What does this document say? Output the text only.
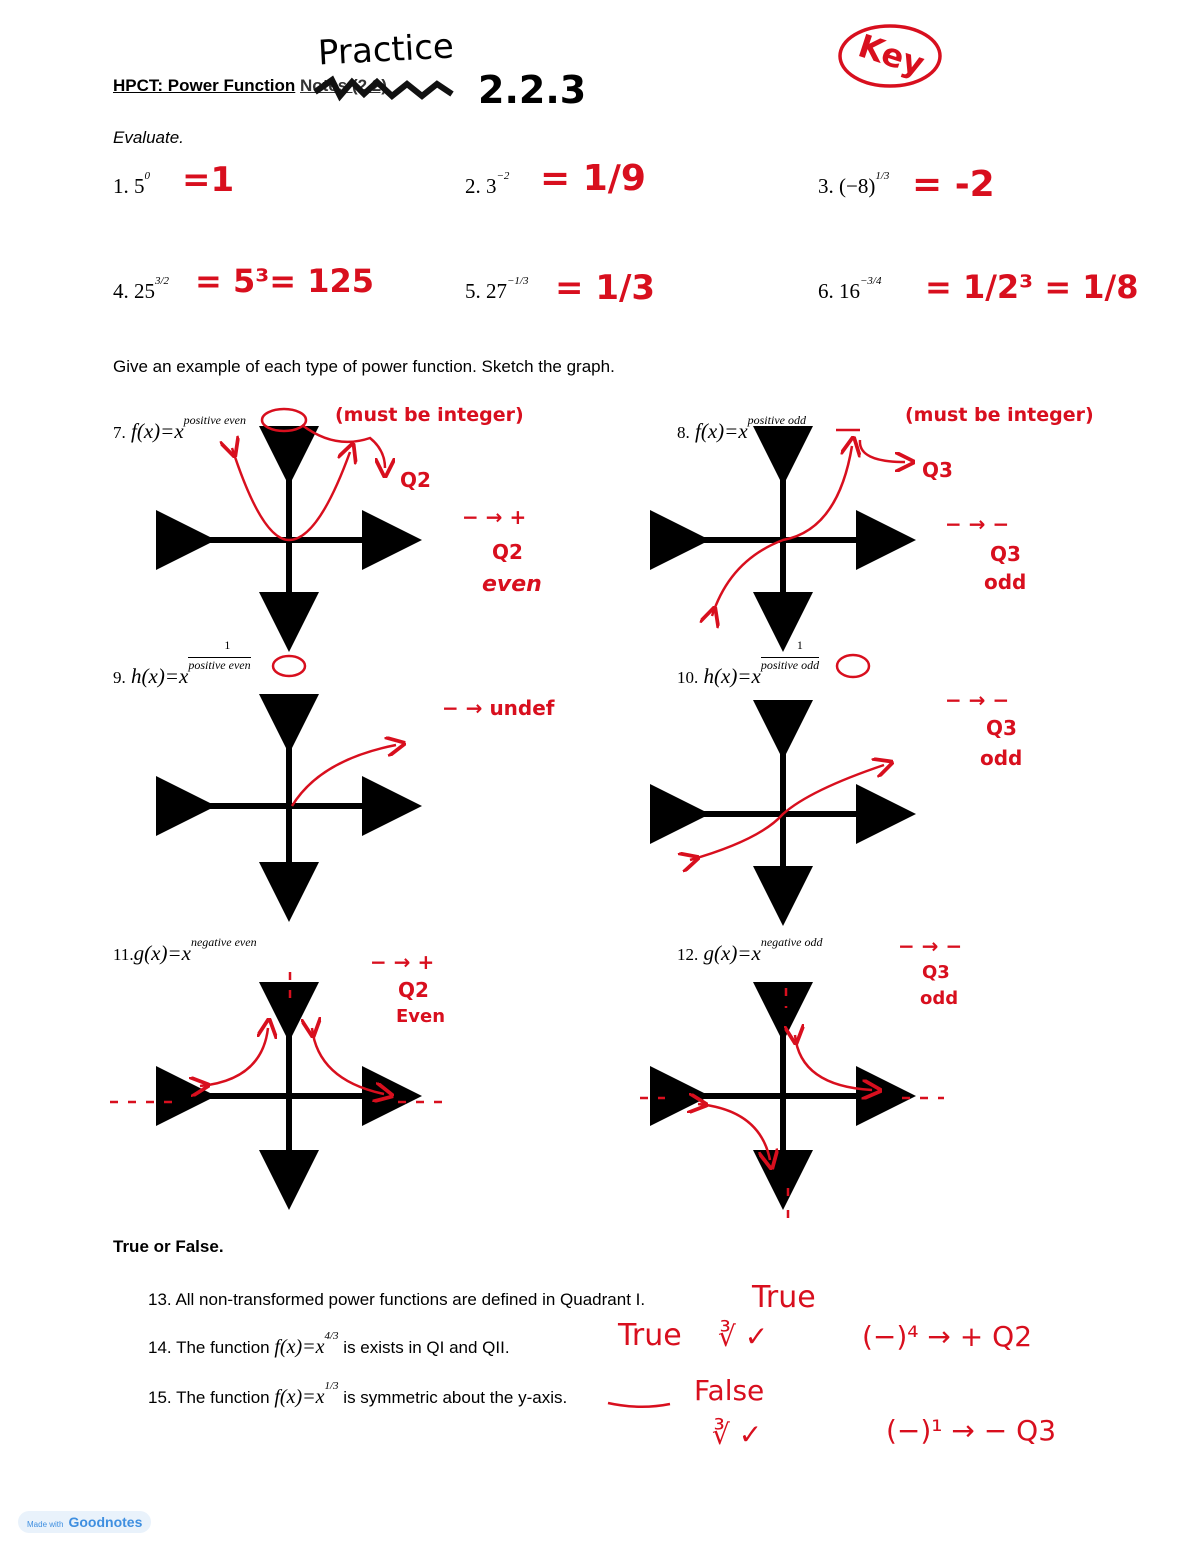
HPCT: Power Function Notes (2.2)
Practice
2.2.3
Key
Evaluate.
1. $5^0 =1$	2. $3^{-2} = 1/9$	3. $(-8)^{1/3} = -2$
4. $25^{3/2} = 5^3= 125$	5. $27^{-1/3} = 1/3$	6. $16^{-3/4} = 1/2^3 = 1/8$
Give an example of each type of power function. Sketch the graph.
7. $f(x)=x^{positive even}$	(must be integer)
Q2
− → +
Q2
even
8. $f(x)=x^{positive odd}$	(must be integer)
Q3
− → −
Q3
odd
9. h(x)=x
1
$^{positive even}$
− → undef
10. h(x)=x
1
$^{positive odd}$
− → −
Q3
odd
$11.g(x)=x^{negative even}$
− → +
Q2
Even
12. $g(x)=x^{negative odd}$	− → −
Q3
odd
True or False.
13. All non-transformed power functions are defined in Quadrant I.	True
14. The function $f(x)=x^{4/3}$ is exists in QI and QII.	True ∛ ✓	(−)⁴ → + Q2
15. The function $f(x)=x^{1/3}$ is symmetric about the y-axis.	False
∛ ✓	(−)¹ → − Q3
Made with Goodnotes
